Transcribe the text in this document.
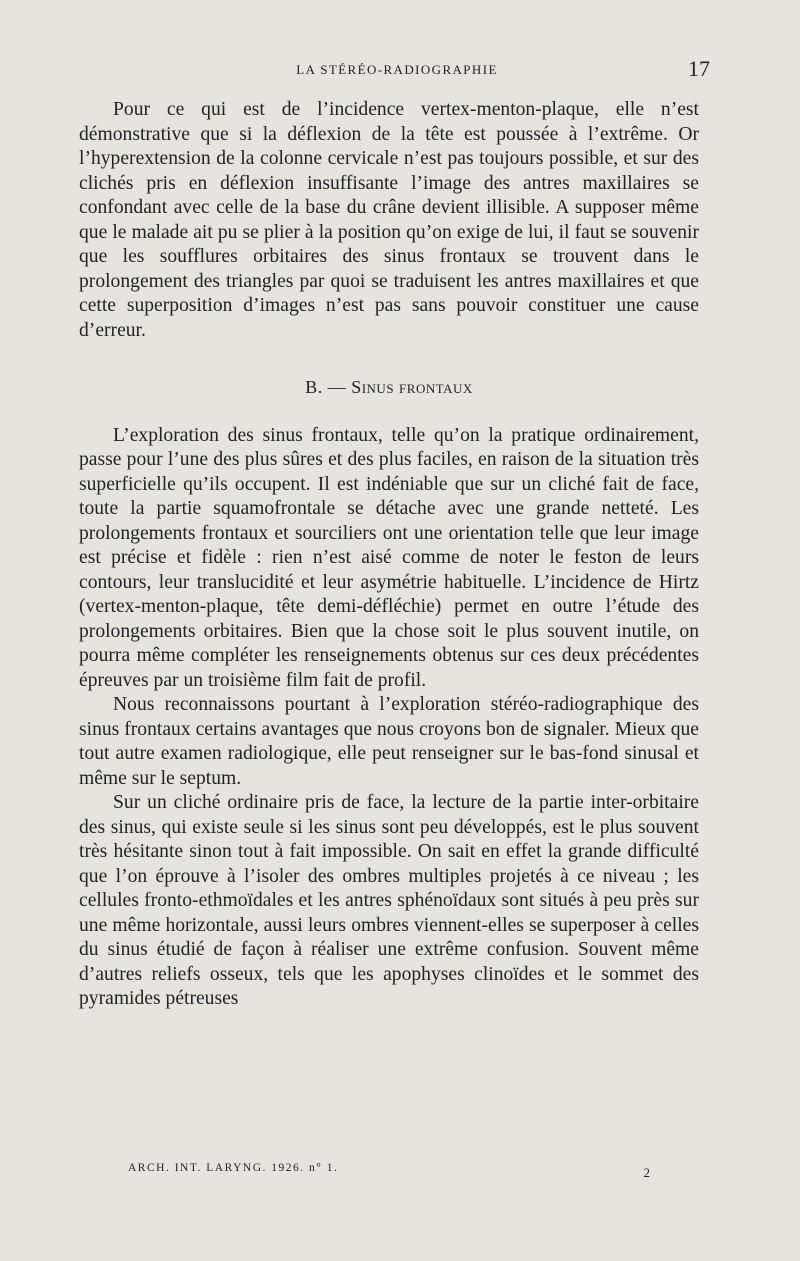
LA STÉRÉO-RADIOGRAPHIE	17

Pour ce qui est de l’incidence vertex-menton-plaque, elle n’est démonstrative que si la déflexion de la tête est poussée à l’extrême. Or l’hyperextension de la colonne cervicale n’est pas toujours possible, et sur des clichés pris en déflexion insuffisante l’image des antres maxillaires se confondant avec celle de la base du crâne devient illisible. A supposer même que le malade ait pu se plier à la position qu’on exige de lui, il faut se souvenir que les soufflures orbitaires des sinus frontaux se trouvent dans le prolongement des triangles par quoi se traduisent les antres maxillaires et que cette superposition d’images n’est pas sans pouvoir constituer une cause d’erreur.

B. — Sinus frontaux

L’exploration des sinus frontaux, telle qu’on la pratique ordinairement, passe pour l’une des plus sûres et des plus faciles, en raison de la situation très superficielle qu’ils occupent. Il est indéniable que sur un cliché fait de face, toute la partie squamofrontale se détache avec une grande netteté. Les prolongements frontaux et sourciliers ont une orientation telle que leur image est précise et fidèle : rien n’est aisé comme de noter le feston de leurs contours, leur translucidité et leur asymétrie habituelle. L’incidence de Hirtz (vertex-menton-plaque, tête demi-défléchie) permet en outre l’étude des prolongements orbitaires. Bien que la chose soit le plus souvent inutile, on pourra même compléter les renseignements obtenus sur ces deux précédentes épreuves par un troisième film fait de profil.

Nous reconnaissons pourtant à l’exploration stéréo-radiographique des sinus frontaux certains avantages que nous croyons bon de signaler. Mieux que tout autre examen radiologique, elle peut renseigner sur le bas-fond sinusal et même sur le septum.

Sur un cliché ordinaire pris de face, la lecture de la partie inter-orbitaire des sinus, qui existe seule si les sinus sont peu développés, est le plus souvent très hésitante sinon tout à fait impossible. On sait en effet la grande difficulté que l’on éprouve à l’isoler des ombres multiples projetés à ce niveau ; les cellules fronto-ethmoïdales et les antres sphénoïdaux sont situés à peu près sur une même horizontale, aussi leurs ombres viennent-elles se superposer à celles du sinus étudié de façon à réaliser une extrême confusion. Souvent même d’autres reliefs osseux, tels que les apophyses clinoïdes et le sommet des pyramides pétreuses

ARCH. INT. LARYNG. 1926. n° 1.	2
